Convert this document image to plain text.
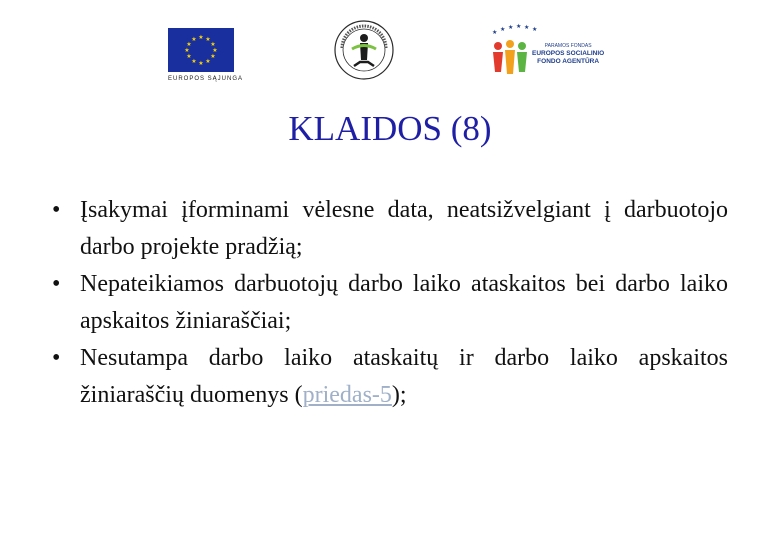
★ ★
★
★
★
★
★
★
★
★
★
★
EUROPOS SĄJUNGA
★ ★ ★ ★ ★ ★
PARAMOS FONDAS
EUROPOS SOCIALINIO
FONDO AGENTŪRA
KLAIDOS (8)
• Įsakymai įforminami vėlesne data, neatsižvelgiant į darbuotojo darbo projekte pradžią;
• Nepateikiamos darbuotojų darbo laiko ataskaitos bei darbo laiko apskaitos žiniaraščiai;
• Nesutampa darbo laiko ataskaitų ir darbo laiko apskaitos žiniaraščių duomenys (priedas-5);
